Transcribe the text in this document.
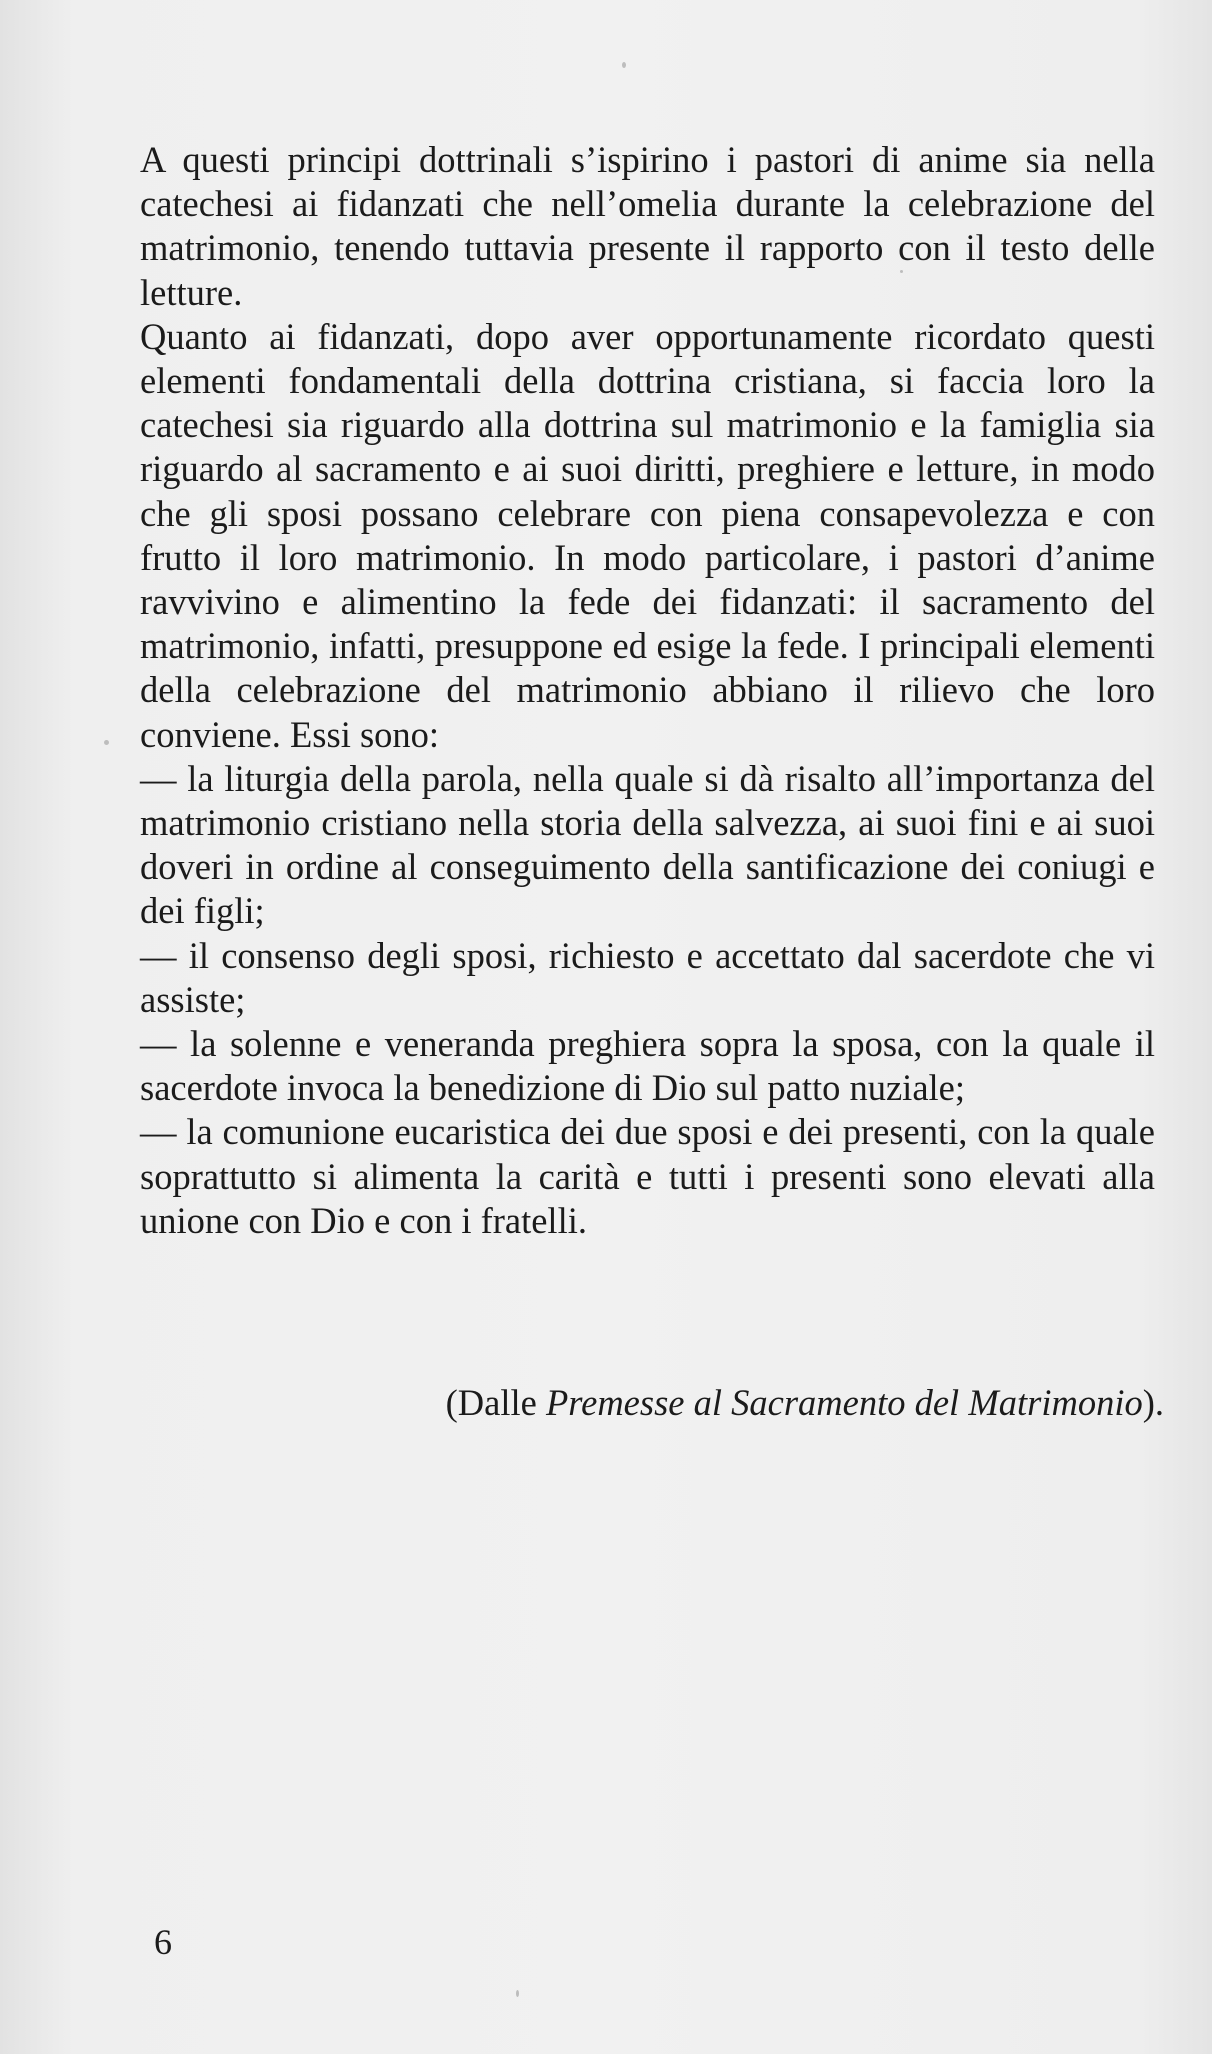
A questi principi dottrinali s’ispirino i pastori di anime sia nella catechesi ai fidanzati che nell’omelia durante la celebrazione del matrimonio, tenendo tuttavia presente il rapporto con il testo delle letture.

Quanto ai fidanzati, dopo aver opportunamente ricordato questi elementi fondamentali della dottrina cristiana, si faccia loro la catechesi sia riguardo alla dottrina sul matrimonio e la famiglia sia riguardo al sacramento e ai suoi diritti, preghiere e letture, in modo che gli sposi possano celebrare con piena consapevolezza e con frutto il loro matrimonio. In modo particolare, i pastori d’anime ravvivino e alimentino la fede dei fidanzati: il sacramento del matrimonio, infatti, presuppone ed esige la fede. I principali elementi della celebrazione del matrimonio abbiano il rilievo che loro conviene. Essi sono:

— la liturgia della parola, nella quale si dà risalto all’importanza del matrimonio cristiano nella storia della salvezza, ai suoi fini e ai suoi doveri in ordine al conseguimento della santificazione dei coniugi e dei figli;

— il consenso degli sposi, richiesto e accettato dal sacerdote che vi assiste;

— la solenne e veneranda preghiera sopra la sposa, con la quale il sacerdote invoca la benedizione di Dio sul patto nuziale;

— la comunione eucaristica dei due sposi e dei presenti, con la quale soprattutto si alimenta la carità e tutti i presenti sono elevati alla unione con Dio e con i fratelli.

(Dalle Premesse al Sacramento del Matrimonio).
6
